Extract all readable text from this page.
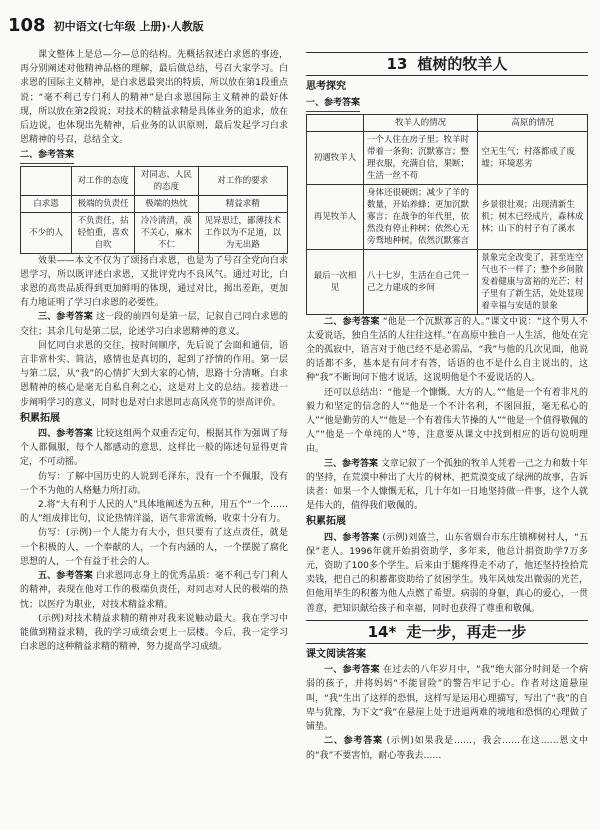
108 初中语文(七年级 上册)·人教版

课文整体上是总—分—总的结构。先概括叙述白求恩的事迹，再分别阐述对他精神品格的理解，最后做总结，号召大家学习。白求恩的国际主义精神，是白求恩最突出的特质，所以放在第1段重点说；“毫不利己专门利人的精神”是白求恩国际主义精神的最好体现，所以放在第2段说；对技术的精益求精是具体业务的追求，放在后边说，也体现出先精神，后业务的认识原则，最后发起学习白求恩精神的号召，总结全文。

二、参考答案
	对工作的态度	对同志、人民的态度	对工作的要求
白求恩	极端的负责任	极端的热忱	精益求精
不少的人	不负责任，拈轻怕重，喜欢自吹	冷冷清清，漠不关心，麻木不仁	见异思迁，鄙薄技术工作以为不足道，以为无出路

效果——本文不仅为了颂扬白求恩，也是为了号召全党向白求恩学习，所以既评述白求恩，又批评党内不良风气。通过对比，白求恩的高贵品质得到更加鲜明的体现，通过对比，揭出差距，更加有力地证明了学习白求恩的必要性。

三、参考答案 这一段的前四句是第一层，记叙自己同白求恩的交往；其余几句是第二层，论述学习白求恩精神的意义。

回忆同白求恩的交往，按时间顺序，先后说了会面和通信，语言非常朴实、简洁，感情也是真切的，起到了抒情的作用。第一层与第二层，从“我”的心情扩大到大家的心情，思路十分清晰。白求恩精神的核心是毫无自私自利之心，这是对上文的总结。接着进一步阐明学习的意义，同时也是对白求恩同志高风亮节的崇高评价。

积累拓展

四、参考答案 比较这组两个双重否定句，根据其作为强调了每个人都佩服，每个人都感动的意思，这样比一般的陈述句显得更肯定，不可动摇。

仿写：了解中国历史的人说到毛泽东，没有一个不佩服，没有一个不为他的人格魅力所打动。

2.将“大有利于人民的人”具体地阐述为五种，用五个“一个……的人”组成排比句，议论热情洋溢，语气非常流畅，收束十分有力。

仿写：(示例)一个人能力有大小，但只要有了这点责任，就是一个积极的人，一个奉献的人，一个有内涵的人，一个摆脱了腐化思想的人，一个有益于社会的人。

五、参考答案 白求恩同志身上的优秀品质：毫不利己专门利人的精神，表现在他对工作的极端负责任，对同志对人民的极端的热忱；以医疗为职业，对技术精益求精。

(示例)对技术精益求精的精神对我来说触动最大。我在学习中能做到精益求精，我的学习成绩会更上一层楼。今后，我一定学习白求恩的这种精益求精的精神，努力提高学习成绩。

13 植树的牧羊人
思考探究
一、参考答案
	牧羊人的情况	高原的情况
初遇牧羊人	一个人住在房子里；牧羊时带着一条狗；沉默寡言；整理衣服，充满自信，果断；生活一丝不苟	空无生气；村落都成了废墟；环境恶劣
再见牧羊人	身体还很硬朗；减少了羊的数量，开始养蜂；更加沉默寡言；在战争的年代里，依然没有停止种树；依然心无旁骛地种树，依然沉默寡言	乡景很壮观；出现清新生机；树木已经成片，森林成林；山下的村子有了溪水
最后一次相见	八十七岁，生活在自己凭一己之力建成的乡间	景象完全改变了，甚至连空气也不一样了；整个乡间散发着健康与富裕的光芒；村子里有了新生活，处处显现着幸福与安适的景象

二、参考答案 “他是一个沉默寡言的人。”课文中说：“这个男人不太爱说话，独自生活的人往往这样。”在高原中独自一人生活，他处在完全的孤寂中，语言对于他已经不是必需品，“我”与他的几次见面，他说的话都不多，基本是有问才有答，话语的也不是什么自主说出的，这种“我”不断询问下他才说话，这说明他是个不爱说话的人。

还可以总结出：“他是一个慷慨、大方的人。”“他是一个有着非凡的毅力和坚定的信念的人”“他是一个不计名利，不图回报，毫无私心的人”“他是勤劳的人”“他是一个有着伟大节操的人”“他是一个值得敬佩的人”“他是一个单纯的人”等，注意要从课文中找到相应的语句说明理由。

三、参考答案 文章记叙了一个孤独的牧羊人凭着一己之力和数十年的坚持，在荒漠中种出了大片的树林，把荒漠变成了绿洲的故事，告诉读者：如果一个人慷慨无私，几十年如一日地坚持做一件事，这个人就是伟大的，值得我们敬佩的。

积累拓展

四、参考答案 (示例)刘盛兰，山东省烟台市东庄镇柳树村人，“五保”老人。1996年就开始捐资助学，多年来，他总计捐资助学7万多元，资助了100多个学生。后来由于腿疼得走不动了，他还坚持捡拾荒卖钱，把自己的积蓄都资助给了贫困学生。残年风烛发出微弱的光芒，但他用毕生的积蓄为他人点燃了希望。病弱的身躯，真心的爱心，一贯善意，把知识献给孩子和幸福，同时也获得了尊重和敬佩。

14* 走一步，再走一步
课文阅读答案

一、参考答案 在过去的八年岁月中，“我”绝大部分时间是一个病弱的孩子，并将妈妈“不能冒险”的警告牢记于心。作者对这道悬崖叫，“我”生出了这样的恐惧，这样写是运用心理描写，写出了“我”的自卑与犹豫，为下文“我”在悬崖上处于进退两难的境地和恐惧的心理做了铺垫。

二、参考答案 (示例)如果我是……，我会……在这……恩文中的“我”不要害怕，耐心等我去……
